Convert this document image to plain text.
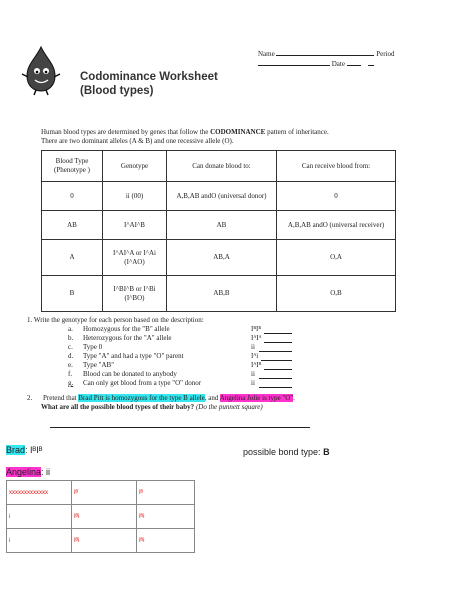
Codominance Worksheet
(Blood types)
Name	Period
Date
Human blood types are determined by genes that follow the CODOMINANCE pattern of inheritance.
There are two dominant alleles (A & B) and one recessive allele (O).
Blood Type (Phenotype )	Genotype	Can donate blood to:	Can receive blood from:
0	ii (00)	A,B,AB andO (universal donor)	0
AB	I^AI^B	AB	A,B,AB andO (universal receiver)
A	I^AI^A or I^Ai (I^AO)	AB,A	O,A
B	I^BI^B or I^Bi (I^BO)	AB,B	O,B
1. Write the genotype for each person based on the description:
a. Homozygous for the "B" allele	IᴮIᴮ
b. Heterozygous for the "A" allele	IᴬIᴬ
c. Type 0	ii
d. Type "A" and had a type "O" parent	Iᴬi
e. Type "AB"	IᴬIᴮ
f. Blood can be donated to anybody	ii
g. Can only get blood from a type "O" donor	ii
2. Pretend that Brad Pitt is homozygous for the type B allele, and Angelina Jolie is type "O".
What are all the possible blood types of their baby? (Do the punnett square)
Brad: IᴮIᴮ	possible bond type: B
Angelina: ii
xxxxxxxxxxxxx	Iᴮ	Iᴮ
i	Iᴮi	Iᴮi
i	Iᴮi	Iᴮi
